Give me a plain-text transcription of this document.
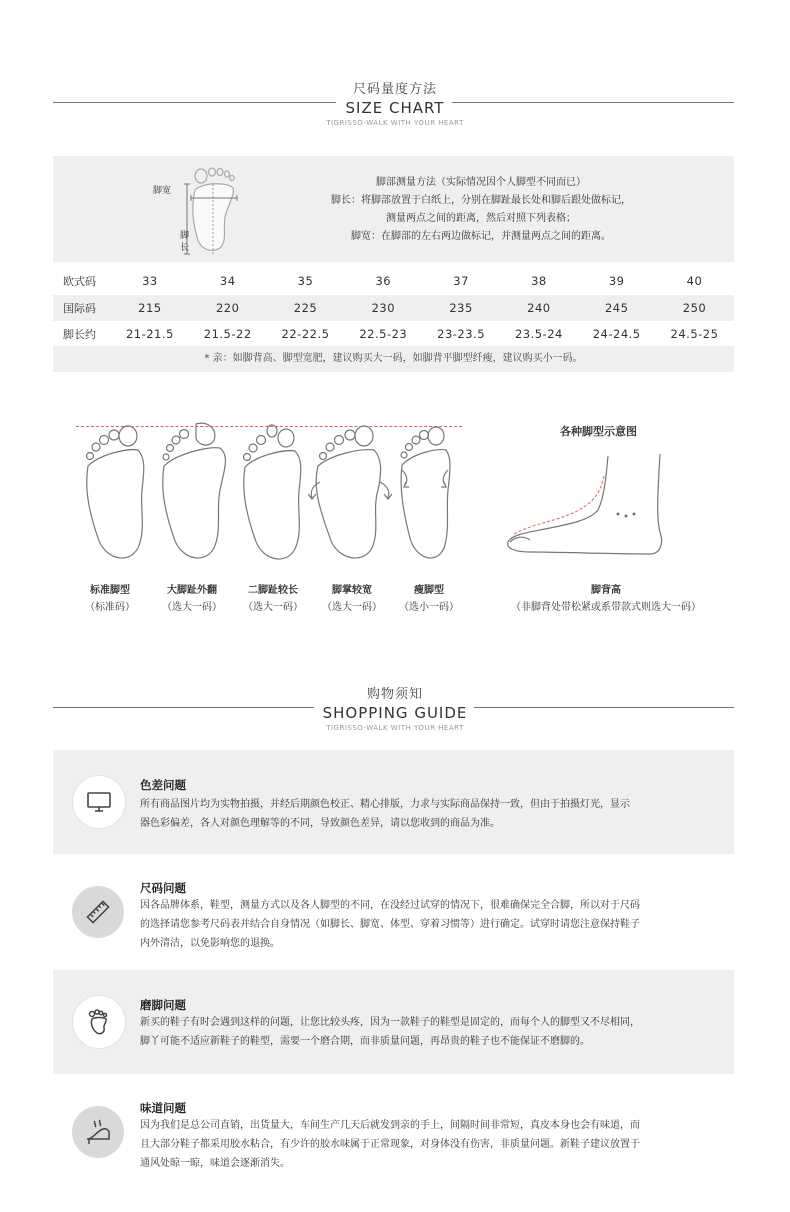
尺码量度方法
SIZE CHART
TIGRISSO-WALK WITH YOUR HEART
脚宽
脚
长
脚部测量方法（实际情况因个人脚型不同而已）
脚长：将脚部放置于白纸上，分别在脚趾最长处和脚后跟处做标记，
测量两点之间的距离，然后对照下列表格；
脚宽：在脚部的左右两边做标记，并测量两点之间的距离。
欧式码	33	34	35	36	37	38	39	40
国际码	215	220	225	230	235	240	245	250
脚长约	21-21.5	21.5-22	22-22.5	22.5-23	23-23.5	23.5-24	24-24.5	24.5-25
* 亲：如脚背高、脚型宽肥，建议购买大一码，如脚背平脚型纤瘦，建议购买小一码。
各种脚型示意图
标准脚型
（标准码）
大脚趾外翻
（选大一码）
二脚趾较长
（选大一码）
脚掌较宽
（选大一码）
瘦脚型
（选小一码）
脚背高
（非脚背处带松紧或系带款式则选大一码）
购物须知
SHOPPING GUIDE
TIGRISSO-WALK WITH YOUR HEART
色差问题
所有商品图片均为实物拍摄，并经后期颜色校正、精心排版，力求与实际商品保持一致，但由于拍摄灯光，显示
器色彩偏差，各人对颜色理解等的不同，导致颜色差异，请以您收到的商品为准。
尺码问题
因各品牌体系，鞋型，测量方式以及各人脚型的不同，在没经过试穿的情况下，很难确保完全合脚，所以对于尺码
的选择请您参考尺码表并结合自身情况（如脚长、脚宽、体型、穿着习惯等）进行确定。试穿时请您注意保持鞋子
内外清洁，以免影响您的退换。
磨脚问题
新买的鞋子有时会遇到这样的问题，让您比较头疼，因为一款鞋子的鞋型是固定的，而每个人的脚型又不尽相同，
脚丫可能不适应新鞋子的鞋型，需要一个磨合期，而非质量问题，再昂贵的鞋子也不能保证不磨脚的。
味道问题
因为我们是总公司直销，出货量大，车间生产几天后就发到亲的手上，间隔时间非常短，真皮本身也会有味道，而
且大部分鞋子都采用胶水粘合，有少许的胶水味属于正常现象，对身体没有伤害，非质量问题。新鞋子建议放置于
通风处晾一晾，味道会逐渐消失。
